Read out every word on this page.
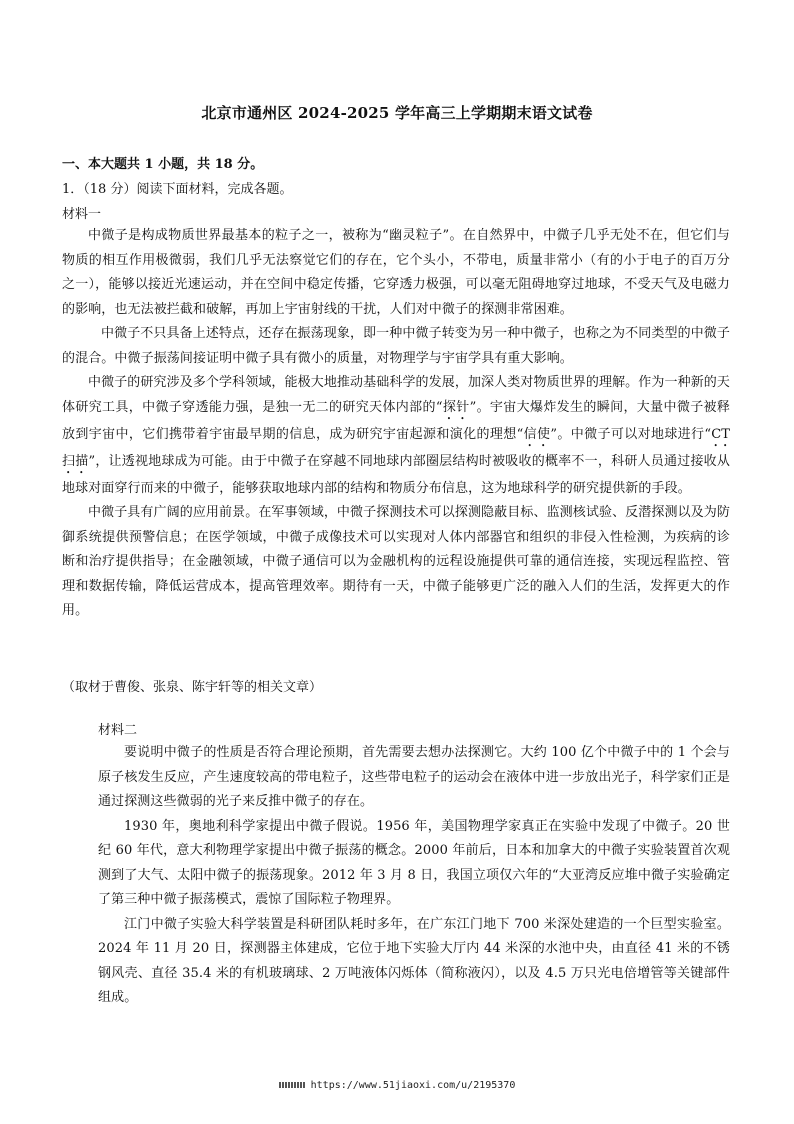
北京市通州区 2024-2025 学年高三上学期期末语文试卷
一、本大题共 1 小题，共 18 分。
1．（18 分）阅读下面材料，完成各题。
材料一

中微子是构成物质世界最基本的粒子之一，被称为“幽灵粒子”。在自然界中，中微子几乎无处不在，但它们与物质的相互作用极微弱，我们几乎无法察觉它们的存在，它个头小，不带电，质量非常小（有的小于电子的百万分之一），能够以接近光速运动，并在空间中稳定传播，它穿透力极强，可以毫无阻碍地穿过地球，不受天气及电磁力的影响，也无法被拦截和破解，再加上宇宙射线的干扰，人们对中微子的探测非常困难。

中微子不只具备上述特点，还存在振荡现象，即一种中微子转变为另一种中微子，也称之为不同类型的中微子的混合。中微子振荡间接证明中微子具有微小的质量，对物理学与宇宙学具有重大影响。

中微子的研究涉及多个学科领域，能极大地推动基础科学的发展，加深人类对物质世界的理解。作为一种新的天体研究工具，中微子穿透能力强，是独一无二的研究天体内部的“探针”。宇宙大爆炸发生的瞬间，大量中微子被释放到宇宙中，它们携带着宇宙最早期的信息，成为研究宇宙起源和演化的理想“信使”。中微子可以对地球进行“CT 扫描”，让透视地球成为可能。由于中微子在穿越不同地球内部圈层结构时被吸收的概率不一，科研人员通过接收从地球对面穿行而来的中微子，能够获取地球内部的结构和物质分布信息，这为地球科学的研究提供新的手段。

中微子具有广阔的应用前景。在军事领域，中微子探测技术可以探测隐蔽目标、监测核试验、反潜探测以及为防御系统提供预警信息；在医学领域，中微子成像技术可以实现对人体内部器官和组织的非侵入性检测，为疾病的诊断和治疗提供指导；在金融领域，中微子通信可以为金融机构的远程设施提供可靠的通信连接，实现远程监控、管理和数据传输，降低运营成本，提高管理效率。期待有一天，中微子能够更广泛的融入人们的生活，发挥更大的作用。

（取材于曹俊、张泉、陈宇轩等的相关文章）
材料二

要说明中微子的性质是否符合理论预期，首先需要去想办法探测它。大约 100 亿个中微子中的 1 个会与原子核发生反应，产生速度较高的带电粒子，这些带电粒子的运动会在液体中进一步放出光子，科学家们正是通过探测这些微弱的光子来反推中微子的存在。

1930 年，奥地利科学家提出中微子假说。1956 年，美国物理学家真正在实验中发现了中微子。20 世纪 60 年代，意大利物理学家提出中微子振荡的概念。2000 年前后，日本和加拿大的中微子实验装置首次观测到了大气、太阳中微子的振荡现象。2012 年 3 月 8 日，我国立项仅六年的“大亚湾反应堆中微子实验确定了第三种中微子振荡模式，震惊了国际粒子物理界。

江门中微子实验大科学装置是科研团队耗时多年，在广东江门地下 700 米深处建造的一个巨型实验室。2024 年 11 月 20 日，探测器主体建成，它位于地下实验大厅内 44 米深的水池中央，由直径 41 米的不锈钢风壳、直径 35.4 米的有机玻璃球、2 万吨液体闪烁体（简称液闪），以及 4.5 万只光电倍增管等关键部件组成。

https://www.51jiaoxi.com/u/2195370
